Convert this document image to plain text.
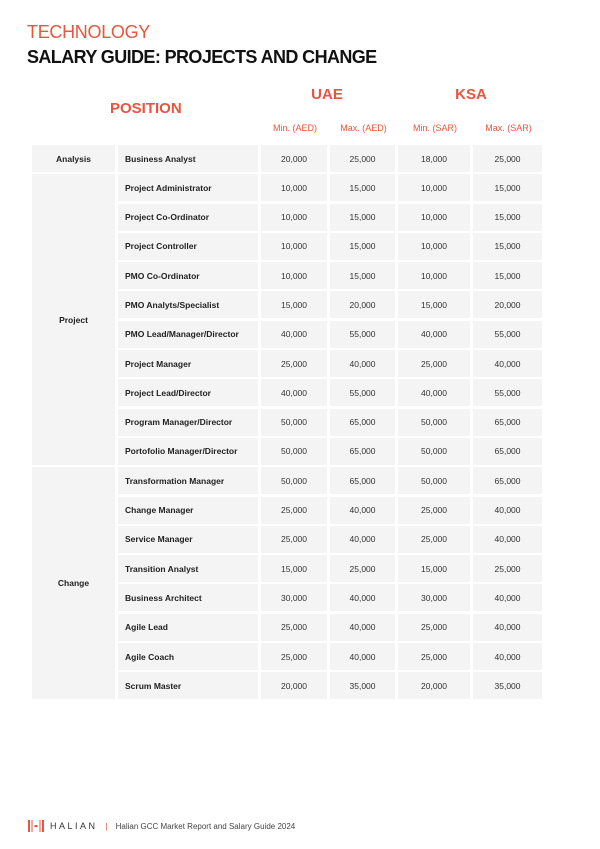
TECHNOLOGY
SALARY GUIDE: PROJECTS AND CHANGE
POSITION
UAE	KSA
Min. (AED)	Max. (AED)	Min. (SAR)	Max. (SAR)
Analysis	Business Analyst	20,000	25,000	18,000	25,000
Project
Project Administrator	10,000	15,000	10,000	15,000
Project Co-Ordinator	10,000	15,000	10,000	15,000
Project Controller	10,000	15,000	10,000	15,000
PMO Co-Ordinator	10,000	15,000	10,000	15,000
PMO Analyts/Specialist	15,000	20,000	15,000	20,000
PMO Lead/Manager/Director	40,000	55,000	40,000	55,000
Project Manager	25,000	40,000	25,000	40,000
Project Lead/Director	40,000	55,000	40,000	55,000
Program Manager/Director	50,000	65,000	50,000	65,000
Portofolio Manager/Director	50,000	65,000	50,000	65,000
Change
Transformation Manager	50,000	65,000	50,000	65,000
Change Manager	25,000	40,000	25,000	40,000
Service Manager	25,000	40,000	25,000	40,000
Transition Analyst	15,000	25,000	15,000	25,000
Business Architect	30,000	40,000	30,000	40,000
Agile Lead	25,000	40,000	25,000	40,000
Agile Coach	25,000	40,000	25,000	40,000
Scrum Master	20,000	35,000	20,000	35,000
HALIAN | Halian GCC Market Report and Salary Guide 2024
